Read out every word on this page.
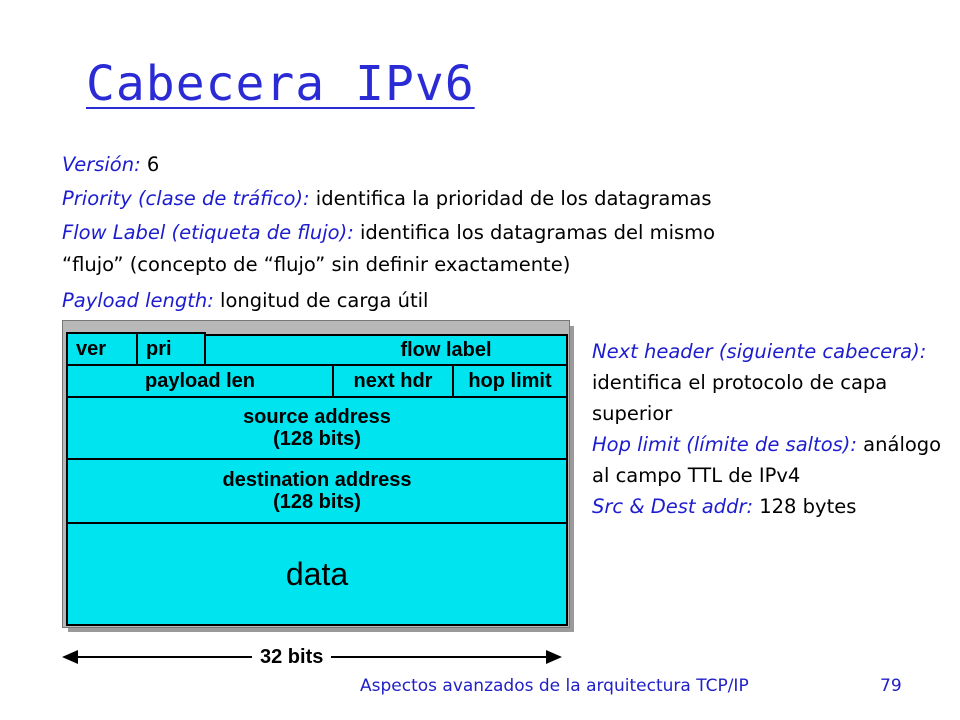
Cabecera IPv6
Versión: 6
Priority (clase de tráfico): identifica la prioridad de los datagramas
Flow Label (etiqueta de flujo): identifica los datagramas del mismo
“flujo” (concepto de “flujo” sin definir exactamente)
Payload length: longitud de carga útil
ver	pri	flow label
payload len	next hdr	hop limit
source address
(128 bits)
destination address
(128 bits)
data
32 bits

Next header (siguiente cabecera): identifica el protocolo de capa superior

Hop limit (límite de saltos): análogo al campo TTL de IPv4

Src & Dest addr: 128 bytes

Aspectos avanzados de la arquitectura TCP/IP	79
